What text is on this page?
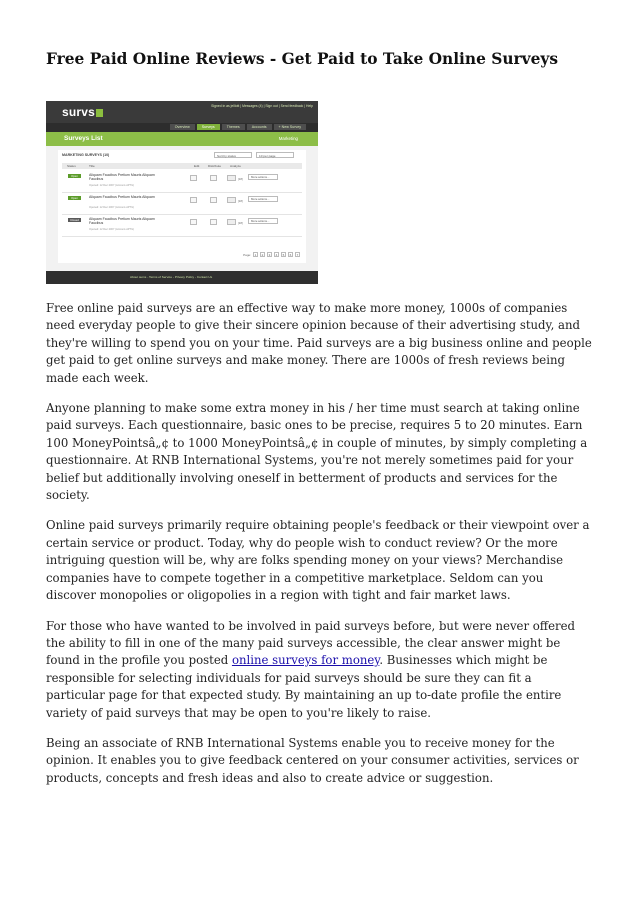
Free Paid Online Reviews - Get Paid to Take Online Surveys
survs	Signed in as jelliott | Messages (4) | Sign out | Send feedback | Help
Overview	Surveys	Themes	Accounts	+ New Survey
Surveys List	Marketing
MARKETING SURVEYS (10)	Sort by status	10 per page
Status	Title	Edit	Distribute	Analyze
Open	Aliquam Faucibus Pretium Mauris Aliquam Faucibus
Opened: 12 Dec 2007 (Account-APTG)
[18]	More actions...
Open	Aliquam Faucibus Pretium Mauris Aliquam
Opened: 12 Dec 2007 (Account-APTG)
[18]	More actions...
Closed	Aliquam Faucibus Pretium Mauris Aliquam Faucibus
Opened: 12 Dec 2007 (Account-APTG)
[18]	More actions...
Page:	1	2	3	4	5	6	7
About survs - Terms of Service - Privacy Policy - Contact Us

Free online paid surveys are an effective way to make more money, 1000s of companies need everyday people to give their sincere opinion because of their advertising study, and they're willing to spend you on your time. Paid surveys are a big business online and people get paid to get online surveys and make money. There are 1000s of fresh reviews being made each week.

Anyone planning to make some extra money in his / her time must search at taking online paid surveys. Each questionnaire, basic ones to be precise, requires 5 to 20 minutes. Earn 100 MoneyPointsâ„¢ to 1000 MoneyPointsâ„¢ in couple of minutes, by simply completing a questionnaire. At RNB International Systems, you're not merely sometimes paid for your belief but additionally involving oneself in betterment of products and services for the society.

Online paid surveys primarily require obtaining people's feedback or their viewpoint over a certain service or product. Today, why do people wish to conduct review? Or the more intriguing question will be, why are folks spending money on your views? Merchandise companies have to compete together in a competitive marketplace. Seldom can you discover monopolies or oligopolies in a region with tight and fair market laws.

For those who have wanted to be involved in paid surveys before, but were never offered the ability to fill in one of the many paid surveys accessible, the clear answer might be found in the profile you posted online surveys for money. Businesses which might be responsible for selecting individuals for paid surveys should be sure they can fit a particular page for that expected study. By maintaining an up to-date profile the entire variety of paid surveys that may be open to you're likely to raise.

Being an associate of RNB International Systems enable you to receive money for the opinion. It enables you to give feedback centered on your consumer activities, services or products, concepts and fresh ideas and also to create advice or suggestion.
